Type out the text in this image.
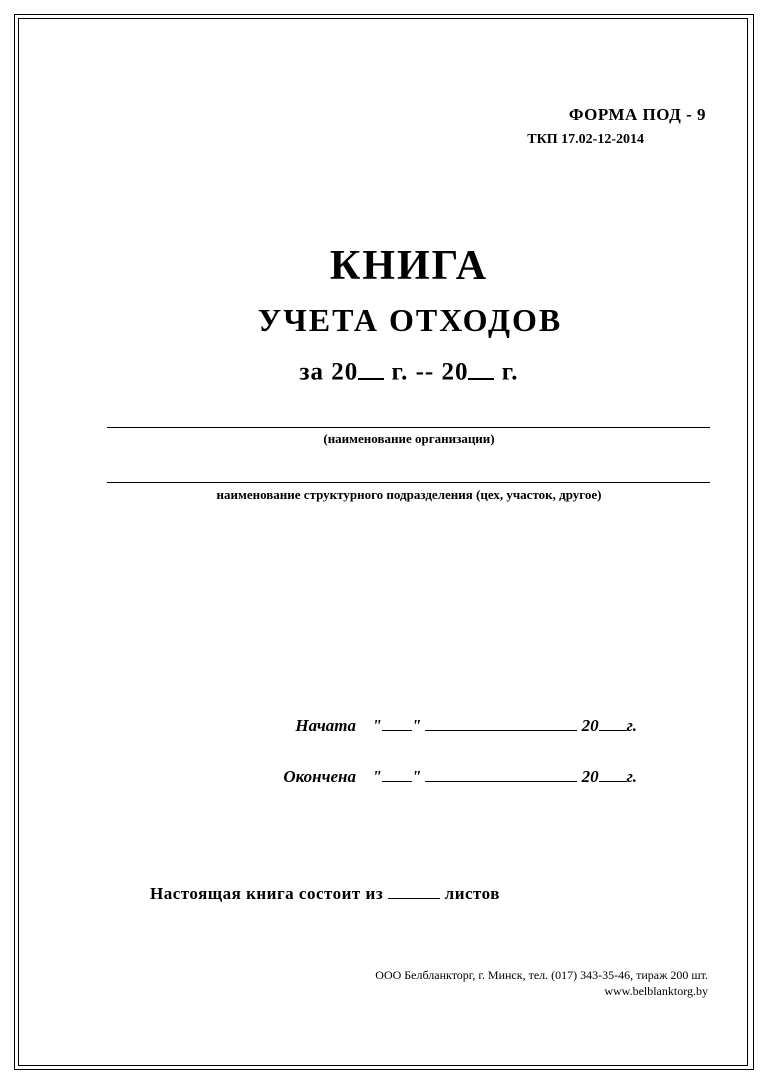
ФОРМА ПОД - 9
ТКП 17.02-12-2014
КНИГА
УЧЕТА ОТХОДОВ
за 20 г. -- 20 г.
(наименование организации)
наименование структурного подразделения (цех, участок, другое)
Начата " "	20 г.
Окончена " "	20 г.
Настоящая книга состоит из	листов
ООО Белбланкторг, г. Минск, тел. (017) 343-35-46, тираж 200 шт.
www.belblanktorg.by
